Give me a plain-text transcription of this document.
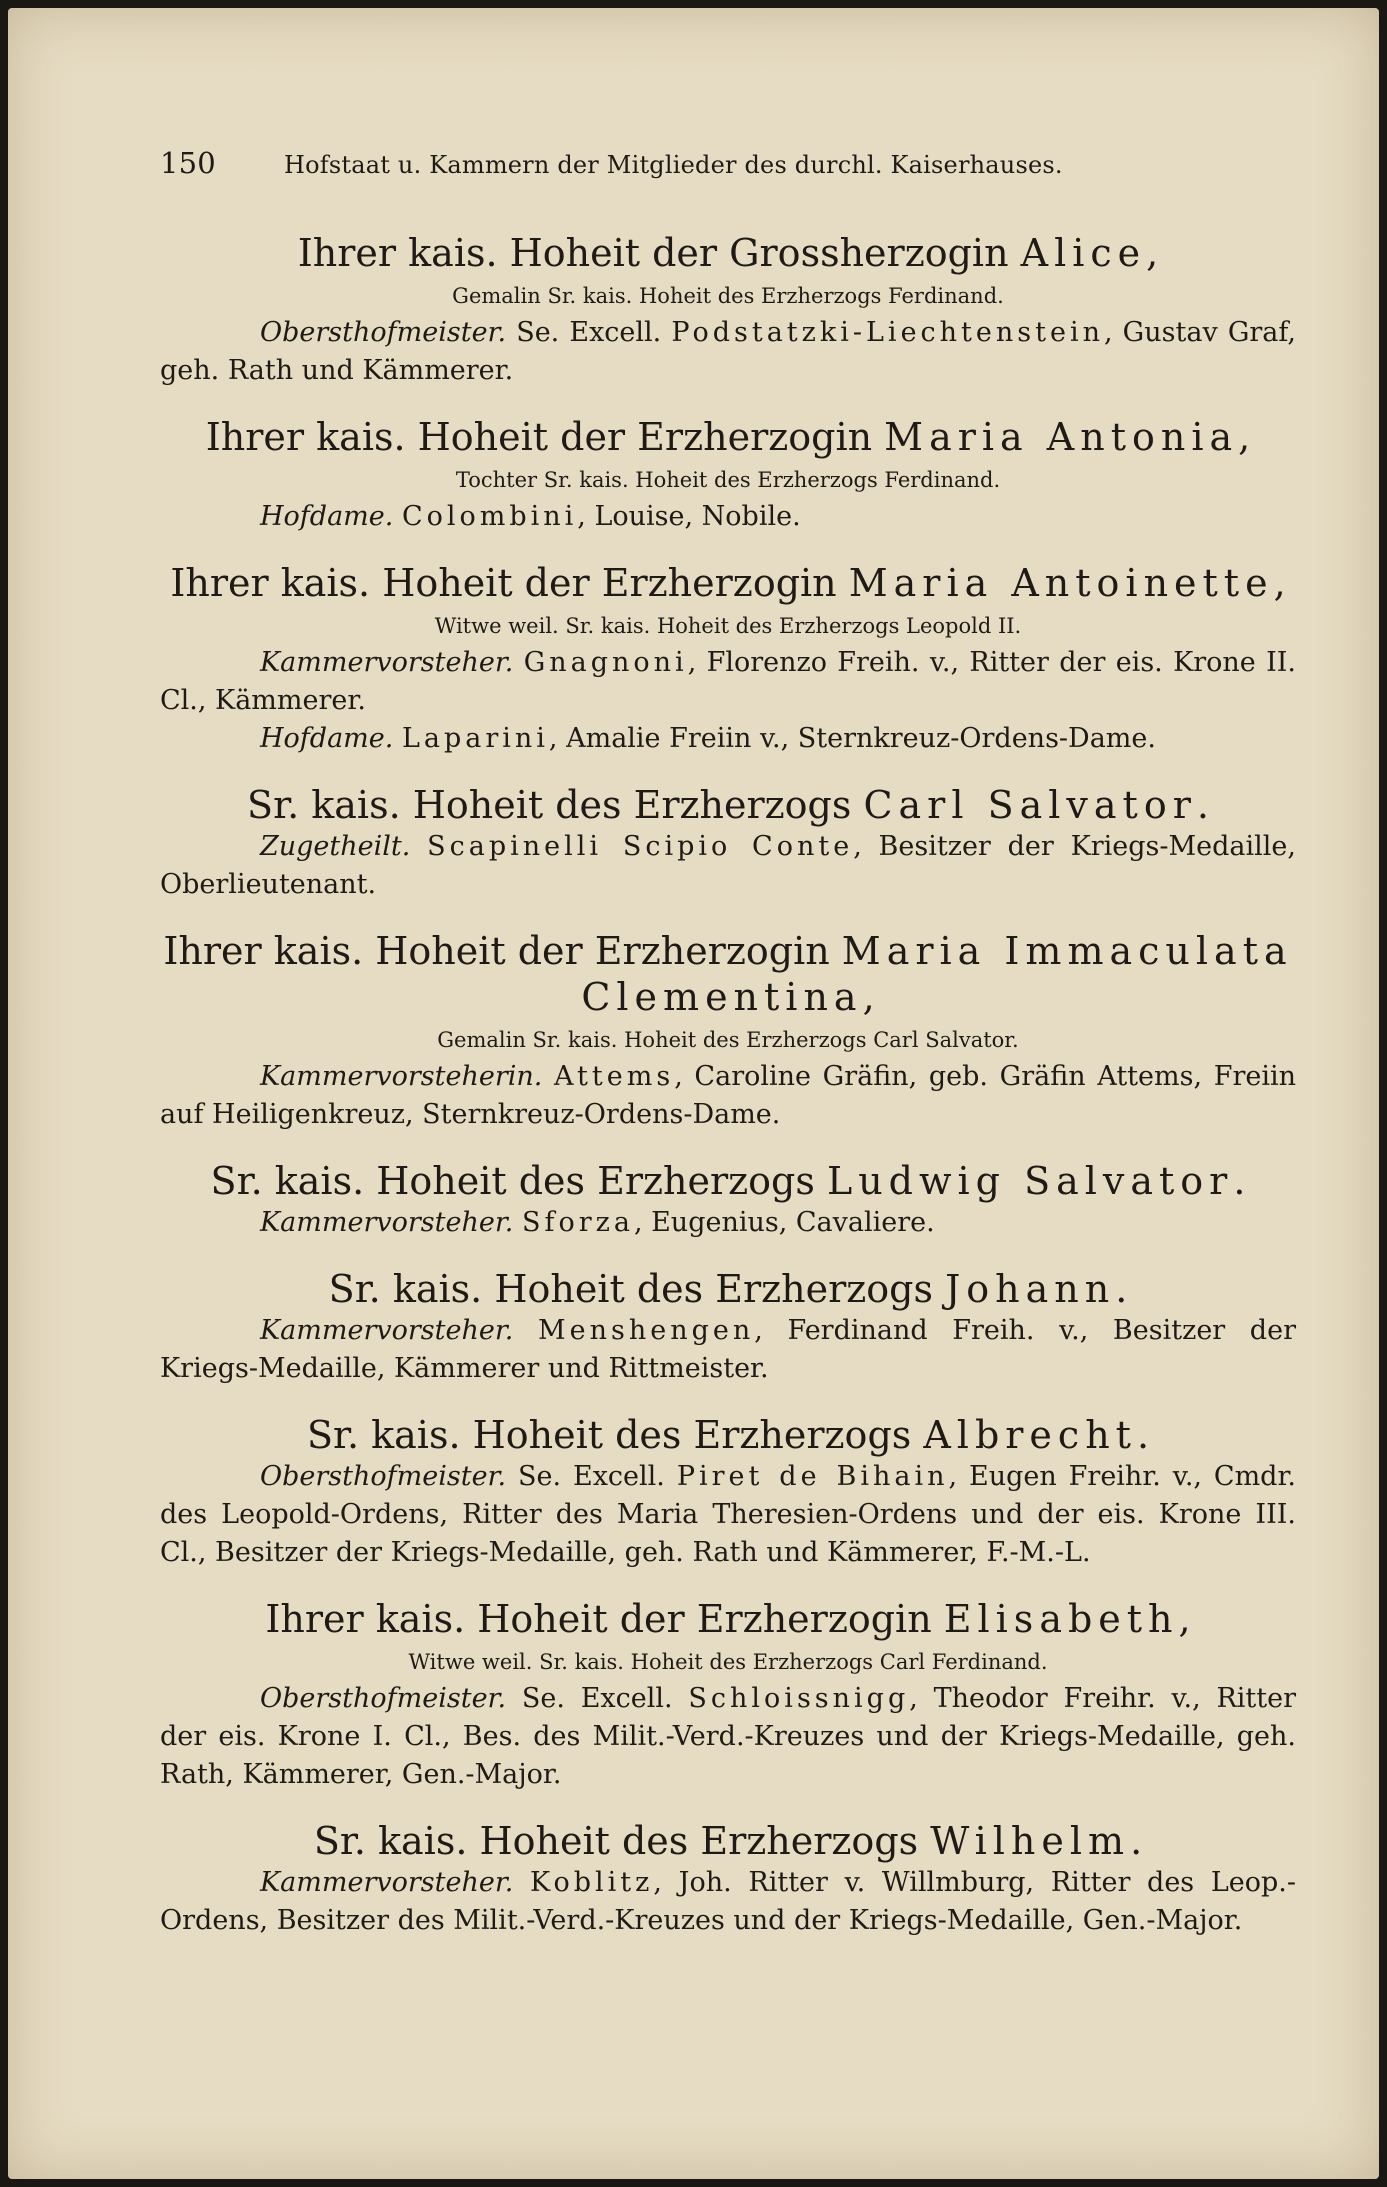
150	Hofstaat u. Kammern der Mitglieder des durchl. Kaiserhauses.
Ihrer kais. Hoheit der Grossherzogin Alice,
Gemalin Sr. kais. Hoheit des Erzherzogs Ferdinand.

Obersthofmeister. Se. Excell. Podstatzki-Liechtenstein, Gustav Graf, geh. Rath und Kämmerer.

Ihrer kais. Hoheit der Erzherzogin Maria Antonia,
Tochter Sr. kais. Hoheit des Erzherzogs Ferdinand.

Hofdame. Colombini, Louise, Nobile.

Ihrer kais. Hoheit der Erzherzogin Maria Antoinette,
Witwe weil. Sr. kais. Hoheit des Erzherzogs Leopold II.

Kammervorsteher. Gnagnoni, Florenzo Freih. v., Ritter der eis. Krone II. Cl., Kämmerer.

Hofdame. Laparini, Amalie Freiin v., Sternkreuz-Ordens-Dame.

Sr. kais. Hoheit des Erzherzogs Carl Salvator.

Zugetheilt. Scapinelli Scipio Conte, Besitzer der Kriegs-Medaille, Oberlieutenant.

Ihrer kais. Hoheit der Erzherzogin Maria Immaculata Clementina,
Gemalin Sr. kais. Hoheit des Erzherzogs Carl Salvator.

Kammervorsteherin. Attems, Caroline Gräfin, geb. Gräfin Attems, Freiin auf Heiligenkreuz, Sternkreuz-Ordens-Dame.

Sr. kais. Hoheit des Erzherzogs Ludwig Salvator.

Kammervorsteher. Sforza, Eugenius, Cavaliere.

Sr. kais. Hoheit des Erzherzogs Johann.

Kammervorsteher. Menshengen, Ferdinand Freih. v., Besitzer der Kriegs-Medaille, Kämmerer und Rittmeister.

Sr. kais. Hoheit des Erzherzogs Albrecht.

Obersthofmeister. Se. Excell. Piret de Bihain, Eugen Freihr. v., Cmdr. des Leopold-Ordens, Ritter des Maria Theresien-Ordens und der eis. Krone III. Cl., Besitzer der Kriegs-Medaille, geh. Rath und Kämmerer, F.-M.-L.

Ihrer kais. Hoheit der Erzherzogin Elisabeth,
Witwe weil. Sr. kais. Hoheit des Erzherzogs Carl Ferdinand.

Obersthofmeister. Se. Excell. Schloissnigg, Theodor Freihr. v., Ritter der eis. Krone I. Cl., Bes. des Milit.-Verd.-Kreuzes und der Kriegs-Medaille, geh. Rath, Kämmerer, Gen.-Major.

Sr. kais. Hoheit des Erzherzogs Wilhelm.

Kammervorsteher. Koblitz, Joh. Ritter v. Willmburg, Ritter des Leop.-Ordens, Besitzer des Milit.-Verd.-Kreuzes und der Kriegs-Medaille, Gen.-Major.
